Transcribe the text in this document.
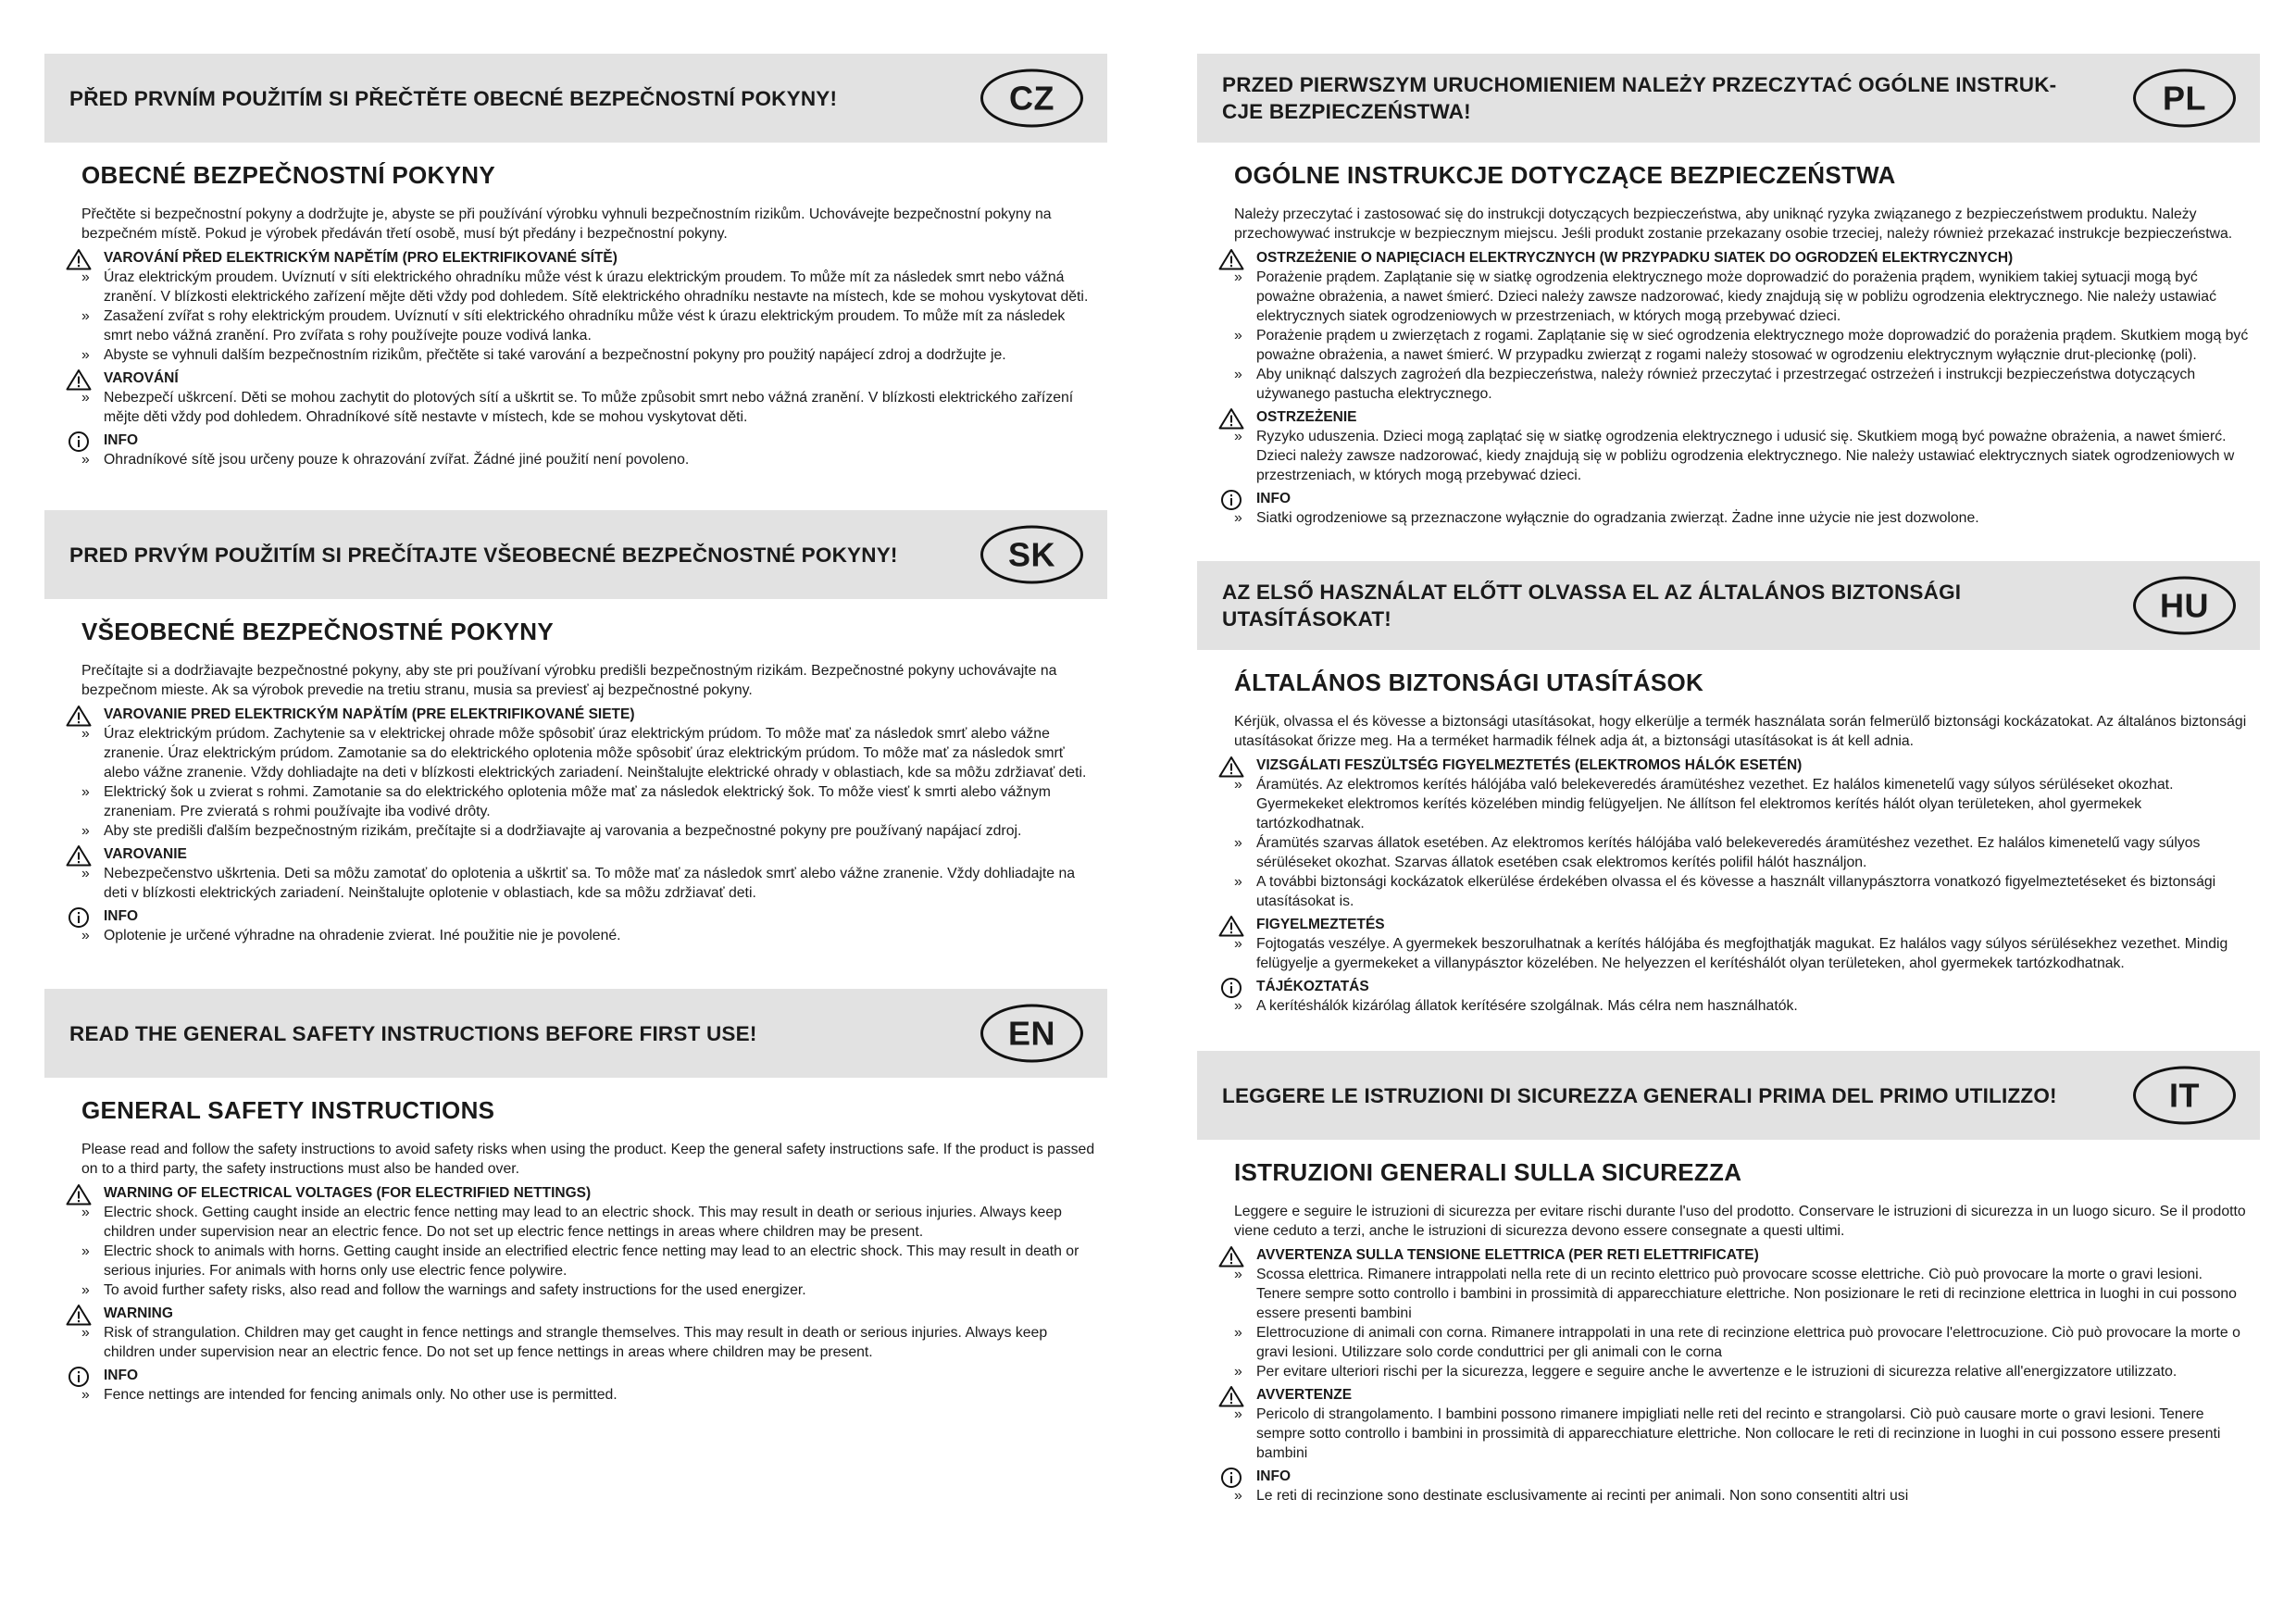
PŘED PRVNÍM POUŽITÍM SI PŘEČTĚTE OBECNÉ BEZPEČNOSTNÍ POKYNY!	CZ
OBECNÉ BEZPEČNOSTNÍ POKYNY

Přečtěte si bezpečnostní pokyny a dodržujte je, abyste se při používání výrobku vyhnuli bezpečnostním rizikům. Uchovávejte bezpečnostní pokyny na bezpečném místě. Pokud je výrobek předáván třetí osobě, musí být předány i bezpečnostní pokyny.

VAROVÁNÍ PŘED ELEKTRICKÝM NAPĚTÍM (PRO ELEKTRIFIKOVANÉ SÍTĚ)
» Úraz elektrickým proudem. Uvíznutí v síti elektrického ohradníku může vést k úrazu elektrickým proudem. To může mít za následek smrt nebo vážná zranění. V blízkosti elektrického zařízení mějte děti vždy pod dohledem. Sítě elektrického ohradníku nestavte na místech, kde se mohou vyskytovat děti.
» Zasažení zvířat s rohy elektrickým proudem. Uvíznutí v síti elektrického ohradníku může vést k úrazu elektrickým proudem. To může mít za následek smrt nebo vážná zranění. Pro zvířata s rohy používejte pouze vodivá lanka.
» Abyste se vyhnuli dalším bezpečnostním rizikům, přečtěte si také varování a bezpečnostní pokyny pro použitý napájecí zdroj a dodržujte je.
VAROVÁNÍ
» Nebezpečí uškrcení. Děti se mohou zachytit do plotových sítí a uškrtit se. To může způsobit smrt nebo vážná zranění. V blízkosti elektrického zařízení mějte děti vždy pod dohledem. Ohradníkové sítě nestavte v místech, kde se mohou vyskytovat děti.
INFO
» Ohradníkové sítě jsou určeny pouze k ohrazování zvířat. Žádné jiné použití není povoleno.
PRED PRVÝM POUŽITÍM SI PREČÍTAJTE VŠEOBECNÉ BEZPEČNOSTNÉ POKYNY!	SK
VŠEOBECNÉ BEZPEČNOSTNÉ POKYNY

Prečítajte si a dodržiavajte bezpečnostné pokyny, aby ste pri používaní výrobku predišli bezpečnostným rizikám. Bezpečnostné pokyny uchovávajte na bezpečnom mieste. Ak sa výrobok prevedie na tretiu stranu, musia sa previesť aj bezpečnostné pokyny.

VAROVANIE PRED ELEKTRICKÝM NAPÄTÍM (PRE ELEKTRIFIKOVANÉ SIETE)
» Úraz elektrickým prúdom. Zachytenie sa v elektrickej ohrade môže spôsobiť úraz elektrickým prúdom. To môže mať za následok smrť alebo vážne zranenie. Úraz elektrickým prúdom. Zamotanie sa do elektrického oplotenia môže spôsobiť úraz elektrickým prúdom. To môže mať za následok smrť alebo vážne zranenie. Vždy dohliadajte na deti v blízkosti elektrických zariadení. Neinštalujte elektrické ohrady v oblastiach, kde sa môžu zdržiavať deti.
» Elektrický šok u zvierat s rohmi. Zamotanie sa do elektrického oplotenia môže mať za následok elektrický šok. To môže viesť k smrti alebo vážnym zraneniam. Pre zvieratá s rohmi používajte iba vodivé drôty.
» Aby ste predišli ďalším bezpečnostným rizikám, prečítajte si a dodržiavajte aj varovania a bezpečnostné pokyny pre používaný napájací zdroj.
VAROVANIE
» Nebezpečenstvo uškrtenia. Deti sa môžu zamotať do oplotenia a uškrtiť sa. To môže mať za následok smrť alebo vážne zranenie. Vždy dohliadajte na deti v blízkosti elektrických zariadení. Neinštalujte oplotenie v oblastiach, kde sa môžu zdržiavať deti.
INFO
» Oplotenie je určené výhradne na ohradenie zvierat. Iné použitie nie je povolené.
READ THE GENERAL SAFETY INSTRUCTIONS BEFORE FIRST USE!	EN
GENERAL SAFETY INSTRUCTIONS

Please read and follow the safety instructions to avoid safety risks when using the product. Keep the general safety instructions safe. If the product is passed on to a third party, the safety instructions must also be handed over.

WARNING OF ELECTRICAL VOLTAGES (FOR ELECTRIFIED NETTINGS)
» Electric shock. Getting caught inside an electric fence netting may lead to an electric shock. This may result in death or serious injuries. Always keep children under supervision near an electric fence. Do not set up electric fence nettings in areas where children may be present.
» Electric shock to animals with horns. Getting caught inside an electrified electric fence netting may lead to an electric shock. This may result in death or serious injuries. For animals with horns only use electric fence polywire.
» To avoid further safety risks, also read and follow the warnings and safety instructions for the used energizer.
WARNING
» Risk of strangulation. Children may get caught in fence nettings and strangle themselves. This may result in death or serious injuries. Always keep children under supervision near an electric fence. Do not set up fence nettings in areas where children may be present.
INFO
» Fence nettings are intended for fencing animals only. No other use is permitted.
PRZED PIERWSZYM URUCHOMIENIEM NALEŻY PRZECZYTAĆ OGÓLNE INSTRUK- CJE BEZPIECZEŃSTWA!	PL
OGÓLNE INSTRUKCJE DOTYCZĄCE BEZPIECZEŃSTWA

Należy przeczytać i zastosować się do instrukcji dotyczących bezpieczeństwa, aby uniknąć ryzyka związanego z bezpieczeństwem produktu. Należy przechowywać instrukcje w bezpiecznym miejscu. Jeśli produkt zostanie przekazany osobie trzeciej, należy również przekazać instrukcje bezpieczeństwa.

OSTRZEŻENIE O NAPIĘCIACH ELEKTRYCZNYCH (W PRZYPADKU SIATEK DO OGRODZEŃ ELEKTRYCZNYCH)
» Porażenie prądem. Zaplątanie się w siatkę ogrodzenia elektrycznego może doprowadzić do porażenia prądem, wynikiem takiej sytuacji mogą być poważne obrażenia, a nawet śmierć. Dzieci należy zawsze nadzorować, kiedy znajdują się w pobliżu ogrodzenia elektrycznego. Nie należy ustawiać elektrycznych siatek ogrodzeniowych w przestrzeniach, w których mogą przebywać dzieci.
» Porażenie prądem u zwierzętach z rogami. Zaplątanie się w sieć ogrodzenia elektrycznego może doprowadzić do porażenia prądem. Skutkiem mogą być poważne obrażenia, a nawet śmierć. W przypadku zwierząt z rogami należy stosować w ogrodzeniu elektrycznym wyłącznie drut-plecionkę (poli).
» Aby uniknąć dalszych zagrożeń dla bezpieczeństwa, należy również przeczytać i przestrzegać ostrzeżeń i instrukcji bezpieczeństwa dotyczących używanego pastucha elektrycznego.
OSTRZEŻENIE
» Ryzyko uduszenia. Dzieci mogą zaplątać się w siatkę ogrodzenia elektrycznego i udusić się. Skutkiem mogą być poważne obrażenia, a nawet śmierć. Dzieci należy zawsze nadzorować, kiedy znajdują się w pobliżu ogrodzenia elektrycznego. Nie należy ustawiać elektrycznych siatek ogrodzeniowych w przestrzeniach, w których mogą przebywać dzieci.
INFO
» Siatki ogrodzeniowe są przeznaczone wyłącznie do ogradzania zwierząt. Żadne inne użycie nie jest dozwolone.
AZ ELSŐ HASZNÁLAT ELŐTT OLVASSA EL AZ ÁLTALÁNOS BIZTONSÁGI UTASÍTÁSOKAT!	HU
ÁLTALÁNOS BIZTONSÁGI UTASÍTÁSOK

Kérjük, olvassa el és kövesse a biztonsági utasításokat, hogy elkerülje a termék használata során felmerülő biztonsági kockázatokat. Az általános biztonsági utasításokat őrizze meg. Ha a terméket harmadik félnek adja át, a biztonsági utasításokat is át kell adnia.

VIZSGÁLATI FESZÜLTSÉG FIGYELMEZTETÉS (ELEKTROMOS HÁLÓK ESETÉN)
» Áramütés. Az elektromos kerítés hálójába való belekeveredés áramütéshez vezethet. Ez halálos kimenetelű vagy súlyos sérüléseket okozhat. Gyermekeket elektromos kerítés közelében mindig felügyeljen. Ne állítson fel elektromos kerítés hálót olyan területeken, ahol gyermekek tartózkodhatnak.
» Áramütés szarvas állatok esetében. Az elektromos kerítés hálójába való belekeveredés áramütéshez vezethet. Ez halálos kimenetelű vagy súlyos sérüléseket okozhat. Szarvas állatok esetében csak elektromos kerítés polifil hálót használjon.
» A további biztonsági kockázatok elkerülése érdekében olvassa el és kövesse a használt villanypásztorra vonatkozó figyelmeztetéseket és biztonsági utasításokat is.
FIGYELMEZTETÉS
» Fojtogatás veszélye. A gyermekek beszorulhatnak a kerítés hálójába és megfojthatják magukat. Ez halálos vagy súlyos sérülésekhez vezethet. Mindig felügyelje a gyermekeket a villanypásztor közelében. Ne helyezzen el kerítéshálót olyan területeken, ahol gyermekek tartózkodhatnak.
TÁJÉKOZTATÁS
» A kerítéshálók kizárólag állatok kerítésére szolgálnak. Más célra nem használhatók.
LEGGERE LE ISTRUZIONI DI SICUREZZA GENERALI PRIMA DEL PRIMO UTILIZZO!	IT
ISTRUZIONI GENERALI SULLA SICUREZZA

Leggere e seguire le istruzioni di sicurezza per evitare rischi durante l'uso del prodotto. Conservare le istruzioni di sicurezza in un luogo sicuro. Se il prodotto viene ceduto a terzi, anche le istruzioni di sicurezza devono essere consegnate a questi ultimi.

AVVERTENZA SULLA TENSIONE ELETTRICA (PER RETI ELETTRIFICATE)
» Scossa elettrica. Rimanere intrappolati nella rete di un recinto elettrico può provocare scosse elettriche. Ciò può provocare la morte o gravi lesioni. Tenere sempre sotto controllo i bambini in prossimità di apparecchiature elettriche. Non posizionare le reti di recinzione elettrica in luoghi in cui possono essere presenti bambini
» Elettrocuzione di animali con corna. Rimanere intrappolati in una rete di recinzione elettrica può provocare l'elettrocuzione. Ciò può provocare la morte o gravi lesioni. Utilizzare solo corde conduttrici per gli animali con le corna
» Per evitare ulteriori rischi per la sicurezza, leggere e seguire anche le avvertenze e le istruzioni di sicurezza relative all'energizzatore utilizzato.
AVVERTENZE
» Pericolo di strangolamento. I bambini possono rimanere impigliati nelle reti del recinto e strangolarsi. Ciò può causare morte o gravi lesioni. Tenere sempre sotto controllo i bambini in prossimità di apparecchiature elettriche. Non collocare le reti di recinzione in luoghi in cui possono essere presenti bambini
INFO
» Le reti di recinzione sono destinate esclusivamente ai recinti per animali. Non sono consentiti altri usi
